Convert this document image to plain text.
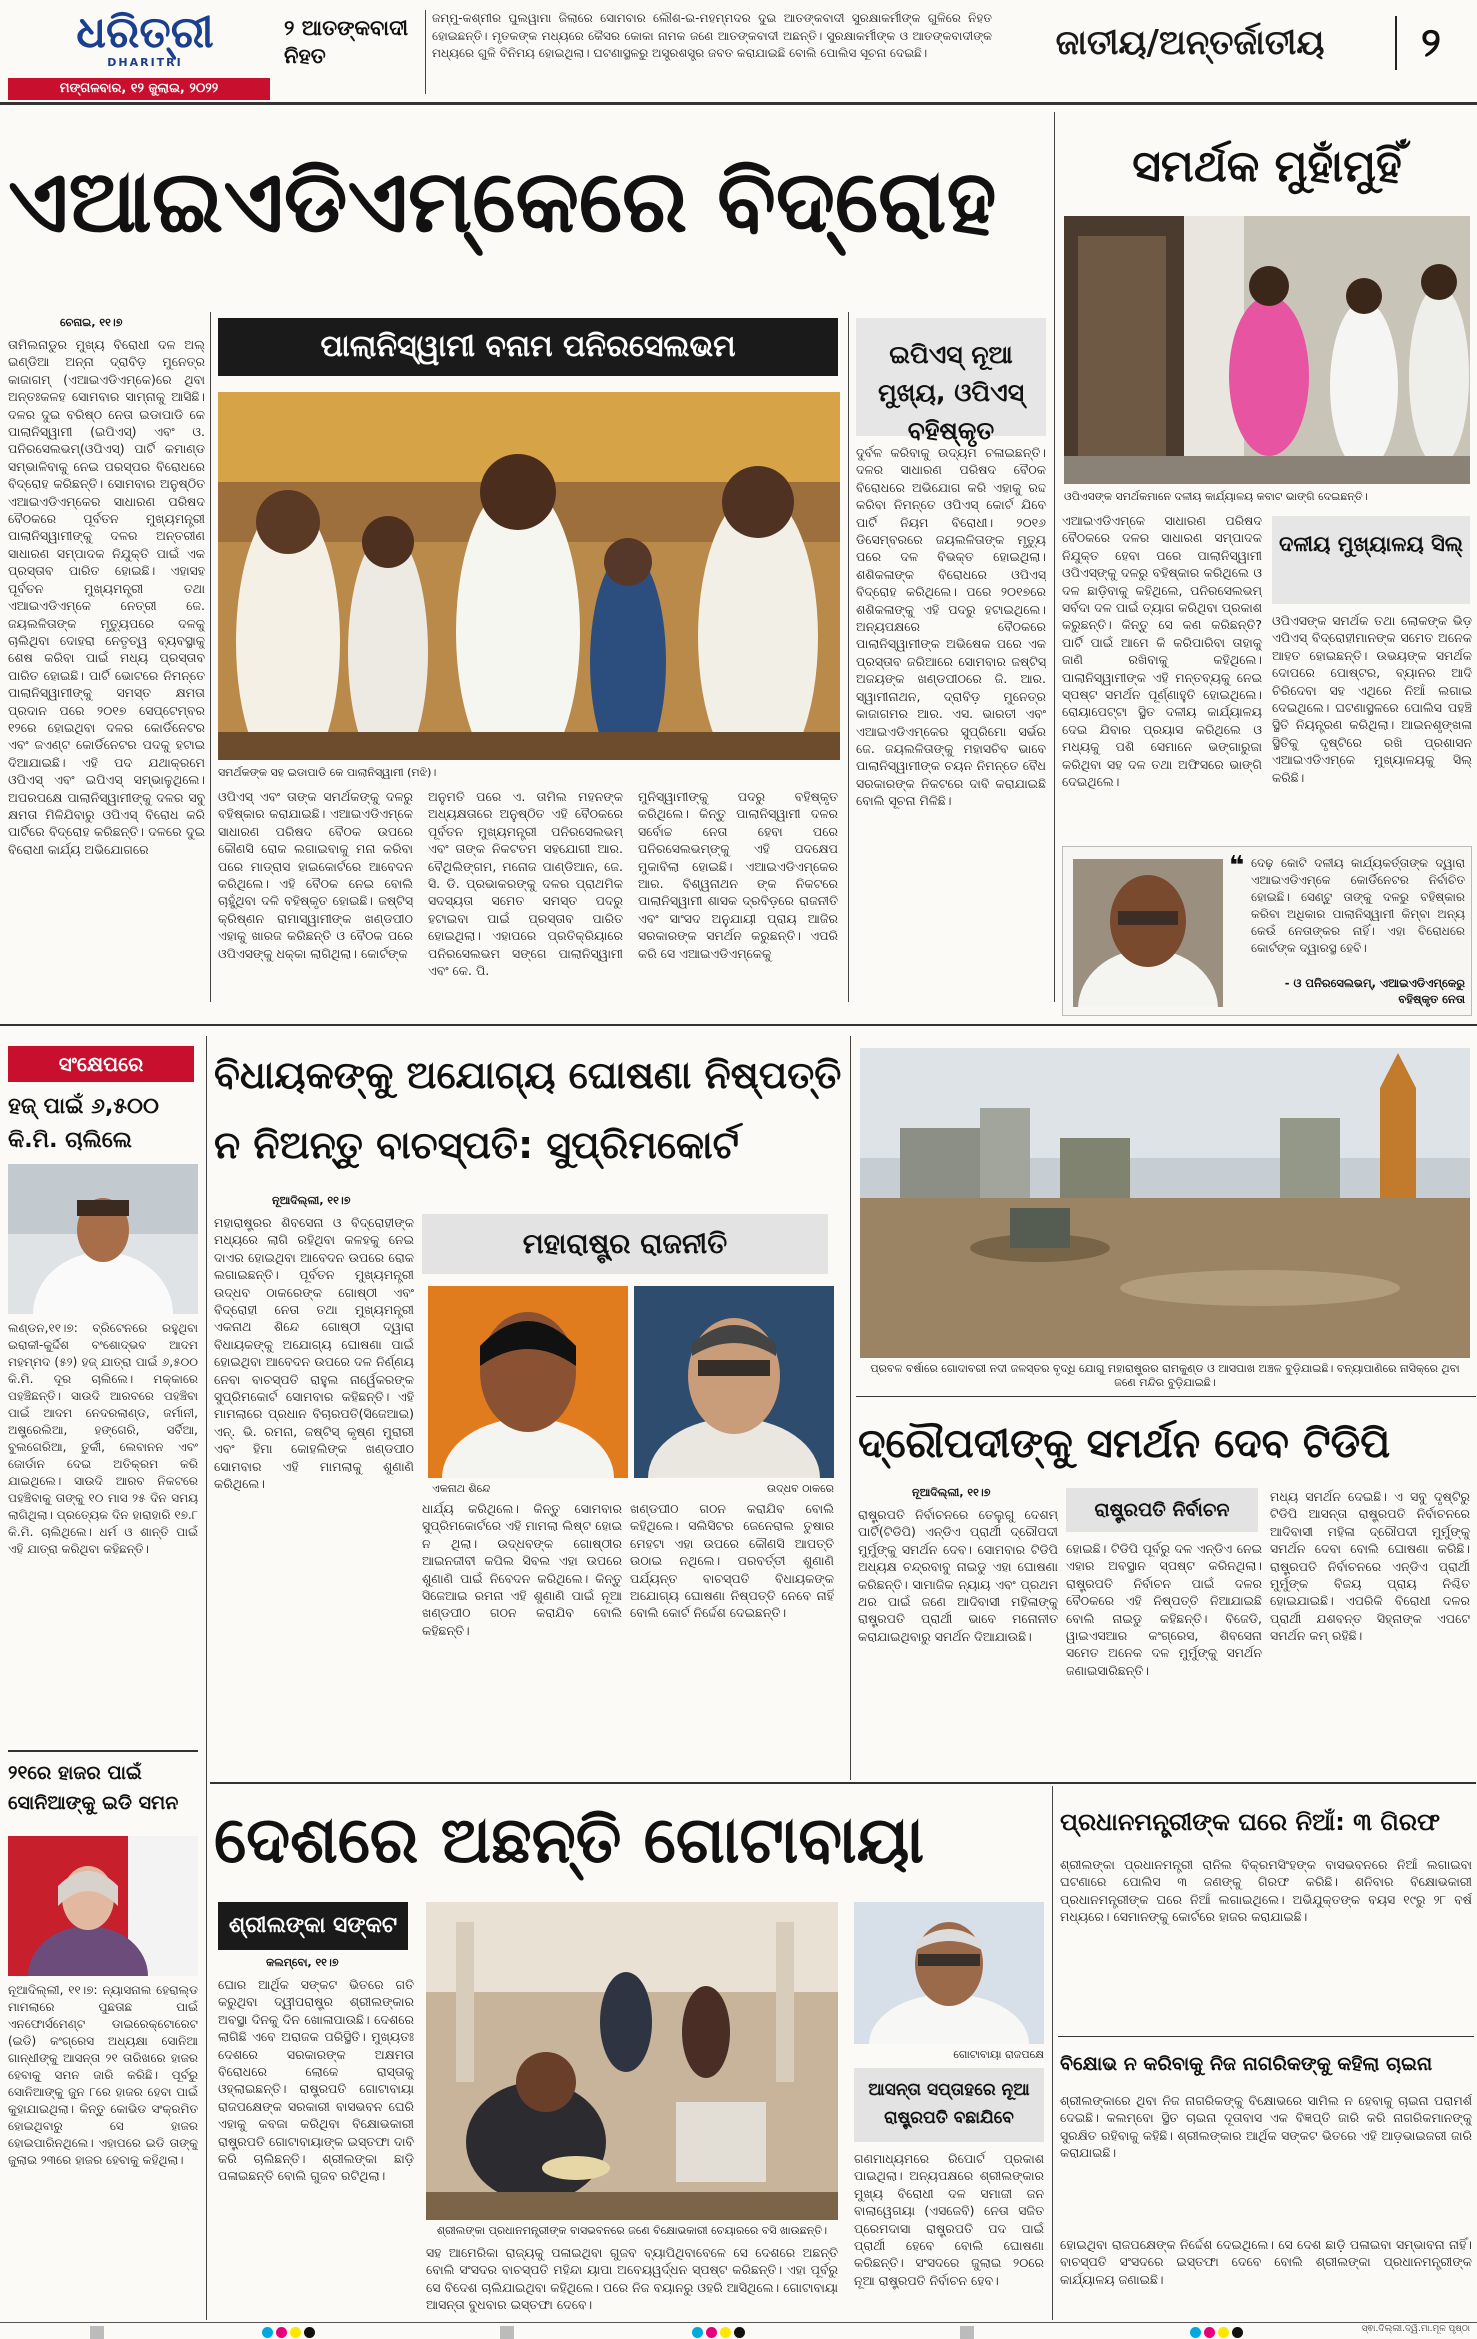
ଧରିତ୍ରୀ
DHARITRI
ମଙ୍ଗଳବାର, ୧୨ ଜୁଲାଇ, ୨୦୨୨
୨ ଆତଙ୍କବାଦୀ ନିହତ
ଜମ୍ମୁ-କଶ୍ମୀର ପୁଲୱାମା ଜିଲାରେ ସୋମବାର ଲୌଶ-ଇ-ମହମ୍ମଦର ଦୁଇ ଆତଙ୍କବାଦୀ ସୁରକ୍ଷାକର୍ମୀଙ୍କ ଗୁଳିରେ ନିହତ ହୋଇଛନ୍ତି। ମୃତକଙ୍କ ମଧ୍ୟରେ କୈସର କୋକା ନାମକ ଜଣେ ଆତଙ୍କବାଦୀ ଅଛନ୍ତି। ସୁରକ୍ଷାକର୍ମୀଙ୍କ ଓ ଆତଙ୍କବାଦୀଙ୍କ ମଧ୍ୟରେ ଗୁଳି ବିନିମୟ ହୋଇଥିଲା। ଘଟଣାସ୍ଥଳରୁ ଅସ୍ତ୍ରଶସ୍ତ୍ର ଜବତ କରାଯାଇଛି ବୋଲି ପୋଲିସ ସୂଚନା ଦେଇଛି।	ଜାତୀୟ/ଅନ୍ତର୍ଜାତୀୟ	୨
ଏଆଇଏଡିଏମ୍‌କେରେ ବିଦ୍ରୋହ
ଚେନାଇ, ୧୧।୭
ତାମିଲନାଡୁର ମୁଖ୍ୟ ବିରୋଧୀ ଦଳ ଅଲ୍ ଇଣ୍ଡିଆ ଅନ୍ନା ଦ୍ରାବିଡ଼ ମୁନେତ୍ର କାଜାଗମ୍ (ଏଆଇଏଡିଏମ୍‌କେ)ରେ ଥିବା ଅନ୍ତଃକଳହ ସୋମବାର ସାମ୍ନାକୁ ଆସିଛି। ଦଳର ଦୁଇ ବରିଷ୍ଠ ନେତା ଇଡାପାଡି କେ ପାଲାନିସ୍ୱାମୀ (ଇପିଏସ୍) ଏବଂ ଓ. ପନିରସେଲଭମ୍(ଓପିଏସ୍) ପାର୍ଟି କମାଣ୍ଡ ସମ୍ଭାଳିବାକୁ ନେଇ ପରସ୍ପର ବିରୋଧରେ ବିଦ୍ରୋହ କରିଛନ୍ତି। ସୋମବାର ଅନୁଷ୍ଠିତ ଏଆଇଏଡିଏମ୍‌କେର ସାଧାରଣ ପରିଷଦ ବୈଠକରେ ପୂର୍ବତନ ମୁଖ୍ୟମନ୍ତ୍ରୀ ପାଲାନିସ୍ୱାମୀଙ୍କୁ ଦଳର ଅନ୍ତରୀଣ ସାଧାରଣ ସମ୍ପାଦକ ନିଯୁକ୍ତି ପାଇଁ ଏକ ପ୍ରସ୍ତାବ ପାରିତ ହୋଇଛି। ଏହାସହ ପୂର୍ବତନ ମୁଖ୍ୟମନ୍ତ୍ରୀ ତଥା ଏଆଇଏଡିଏମ୍‌କେ ନେତ୍ରୀ ଜେ. ଜୟଲଳିତାଙ୍କ ମୃତ୍ୟୁପରେ ଦଳକୁ ଚାଲିଥିବା ଦୋହରା ନେତୃତ୍ୱ ବ୍ୟବସ୍ଥାକୁ ଶେଷ କରିବା ପାଇଁ ମଧ୍ୟ ପ୍ରସ୍ତାବ ପାରିତ ହୋଇଛି। ପାର୍ଟି ଭୋଟରେ ନିମନ୍ତେ ପାଲାନିସ୍ୱାମୀଙ୍କୁ ସମସ୍ତ କ୍ଷମତା ପ୍ରଦାନ ପରେ ୨୦୧୭ ସେପ୍ଟେମ୍ବର ୧୨ରେ ହୋଇଥିବା ଦଳର କୋର୍ଡିନେଟର ଏବଂ ଜଏଣ୍ଟ କୋର୍ଡିନେଟର ପଦକୁ ହଟାଇ ଦିଆଯାଇଛି। ଏହି ପଦ ଯଥାକ୍ରମେ ଓପିଏସ୍ ଏବଂ ଇପିଏସ୍ ସମ୍ଭାଳୁଥିଲେ। ଅପରପକ୍ଷେ ପାଲାନିସ୍ୱାମୀଙ୍କୁ ଦଳର ସବୁ କ୍ଷମତା ମିଳିଯିବାରୁ ଓପିଏସ୍ ବିରୋଧ କରି ପାର୍ଟିରେ ବିଦ୍ରୋହ କରିଛନ୍ତି। ଦଳରେ ଦୁଇ ବିରୋଧୀ କାର୍ଯ୍ୟ ଅଭିଯୋଗରେ
ପାଲାନିସ୍ୱାମୀ ବନାମ ପନିରସେଲଭମ
ସମର୍ଥକଙ୍କ ସହ ଇଡାପାଡି କେ ପାଲାନିସ୍ୱାମୀ (ମଝି)।
ଓପିଏସ୍ ଏବଂ ତାଙ୍କ ସମର୍ଥକଙ୍କୁ ଦଳରୁ ବହିଷ୍କାର କରାଯାଇଛି। ଏଆଇଏଡିଏମ୍‌କେ ସାଧାରଣ ପରିଷଦ ବୈଠକ ଉପରେ କୌଣସି ରୋକ ଲଗାଇବାକୁ ମନା କରିବା ପରେ ମାଡ୍ରାସ ହାଇକୋର୍ଟରେ ଆବେଦନ କରିଥିଲେ। ଏହି ବୈଠକ ନେଇ ବୋଲି ଚାହୁଁଥିବା ଦଳି ବହିଷ୍କୃତ ହୋଇଛି। ଜଷ୍ଟିସ୍ କ୍ରିଷ୍ଣନ ରାମାସ୍ୱାମୀଙ୍କ ଖଣ୍ଡପୀଠ ଏହାକୁ ଖାରଜ କରିଛନ୍ତି ଓ ବୈଠକ ପରେ ଓପିଏସଙ୍କୁ ଧକ୍କା ଲାଗିଥିଲା। କୋର୍ଟଙ୍କ
ଅନୁମତି ପରେ ଏ. ତାମିଲ ମହନଙ୍କ ଅଧ୍ୟକ୍ଷତାରେ ଅନୁଷ୍ଠିତ ଏହି ବୈଠକରେ ପୂର୍ବତନ ମୁଖ୍ୟମନ୍ତ୍ରୀ ପନିରସେଲଭମ୍ ଏବଂ ତାଙ୍କ ନିକଟତମ ସହଯୋଗୀ ଆର. ବୈଥିଲିଙ୍ଗମ, ମନୋଜ ପାଣ୍ଡିଆନ, ଜେ. ସି. ଡି. ପ୍ରଭାକରଙ୍କୁ ଦଳର ପ୍ରାଥମିକ ସଦସ୍ୟତା ସମେତ ସମସ୍ତ ପଦରୁ ହଟାଇବା ପାଇଁ ପ୍ରସ୍ତାବ ପାରିତ ହୋଇଥିଲା। ଏହାପରେ ପ୍ରତିକ୍ରିୟାରେ ପନିରସେଲଭମ ସଙ୍ଗେ ପାଲାନିସ୍ୱାମୀ ଏବଂ କେ. ପି.
ମୁନିସ୍ୱାମୀଙ୍କୁ ପଦରୁ ବହିଷ୍କୃତ କରିଥିଲେ। କିନ୍ତୁ ପାଲାନିସ୍ୱାମୀ ଦଳର ସର୍ବୋଚ୍ଚ ନେତା ହେବା ପରେ ପନିରସେଲଭମ୍‌ଙ୍କୁ ଏହି ପଦକ୍ଷେପ ମୁକାବିଲା ହୋଇଛି। ଏଆଇଏଡିଏମ୍‌କେର ଆର. ବିଶ୍ୱନାଥନ ଙ୍କ ନିକଟରେ ପାଲାନିସ୍ୱାମୀ ଶାସକ ଦ୍ରବିଡ଼ରେ ରାଜନୀତି ଏବଂ ସାଂସଦ ଅନୁଯାୟୀ ପ୍ରାୟ ଆଜିର ସରକାରଙ୍କ ସମର୍ଥନ କରୁଛନ୍ତି। ଏପରି କରି ସେ ଏଆଇଏଡିଏମ୍‌କେକୁ
ଇପିଏସ୍ ନୂଆ ମୁଖ୍ୟ, ଓପିଏସ୍ ବହିଷ୍କୃତ
ଦୁର୍ବଳ କରିବାକୁ ଉଦ୍ୟମ ଚଳାଇଛନ୍ତି। ଦଳର ସାଧାରଣ ପରିଷଦ ବୈଠକ ବିରୋଧରେ ଅଭିଯୋଗ କରି ଏହାକୁ ରଦ୍ଦ କରିବା ନିମନ୍ତେ ଓପିଏସ୍ କୋର୍ଟ ଯିବେ ପାର୍ଟି ନିୟମ ବିରୋଧୀ। ୨୦୧୬ ଡିସେମ୍ବରରେ ଜୟଲଳିତାଙ୍କ ମୃତ୍ୟୁ ପରେ ଦଳ ବିଭକ୍ତ ହୋଇଥିଲା। ଶଶିକଳାଙ୍କ ବିରୋଧରେ ଓପିଏସ୍ ବିଦ୍ରୋହ କରିଥିଲେ। ପରେ ୨୦୧୭ରେ ଶଶିକଳାଙ୍କୁ ଏହି ପଦରୁ ହଟାଇଥିଲେ। ଅନ୍ୟପକ୍ଷରେ ବୈଠକରେ ପାଲାନିସ୍ୱାମୀଙ୍କ ଅଭିଷେକ ପରେ ଏକ ପ୍ରସ୍ତାବ ଜରିଆରେ ସୋମବାର ଜଷ୍ଟିସ୍ ଅଜୟଙ୍କ ଖଣ୍ଡପୀଠରେ ଜି. ଆର. ସ୍ୱାମୀନାଥନ, ଦ୍ରାବିଡ଼ ମୁନେତ୍ର କାଜାଗମର ଆର. ଏସ. ଭାରତୀ ଏବଂ ଏଆଇଏଡିଏମ୍‌କେର ସୁପ୍ରିମୋ ସର୍ଭର ଜେ. ଜୟଲଳିତାଙ୍କୁ ମହାସଚିବ ଭାବେ ପାଲାନିସ୍ୱାମୀଙ୍କ ଚୟନ ନିମନ୍ତେ ବୈଧ ସରକାରଙ୍କ ନିକଟରେ ଦାବି କରାଯାଇଛି ବୋଲି ସୂଚନା ମିଳିଛି।
ସମର୍ଥକ ମୁହାଁମୁହିଁ
ଓପିଏସଙ୍କ ସମର୍ଥକମାନେ ଦଳୀୟ କାର୍ଯ୍ୟାଳୟ କବାଟ ଭାଙ୍ଗି ଦେଇଛନ୍ତି।
ଏଆଇଏଡିଏମ୍‌କେ ସାଧାରଣ ପରିଷଦ ବୈଠକରେ ଦଳର ସାଧାରଣ ସମ୍ପାଦକ ନିଯୁକ୍ତ ହେବା ପରେ ପାଲାନିସ୍ୱାମୀ ଓପିଏସ୍‌ଙ୍କୁ ଦଳରୁ ବହିଷ୍କାର କରିଥିଲେ ଓ ଦଳ ଛାଡ଼ିବାକୁ କହିଥିଲେ, ପନିରସେଲଭମ୍ ସର୍ବଦା ଦଳ ପାଇଁ ତ୍ୟାଗ କରିଥିବା ପ୍ରକାଶ କରୁଛନ୍ତି। କିନ୍ତୁ ସେ କଣ କରିଛନ୍ତି? ପାର୍ଟି ପାଇଁ ଆମେ କି କରିପାରିବା ତାହାକୁ ଜାଣି ରଖିବାକୁ କହିଥିଲେ। ପାଲାନିସ୍ୱାମୀଙ୍କ ଏହି ମନ୍ତବ୍ୟକୁ ନେଇ ସ୍ପଷ୍ଟ ସମର୍ଥନ ପୂର୍ଣ୍ଣାହୁତି ହୋଇଥିଲେ। ରୋୟାପେଟ୍ଟା ସ୍ଥିତ ଦଳୀୟ କାର୍ଯ୍ୟାଳୟ ଦେଇ ଯିବାର ପ୍ରୟାସ କରିଥିଲେ ଓ ମଧ୍ୟକୁ ପଶି ସେମାନେ ଭଙ୍ଗାରୁଜା କରିଥିବା ସହ ଦଳ ତଥା ଅଫିସରେ ଭାଙ୍ଗି ଦେଇଥିଲେ।
ଦଳୀୟ ମୁଖ୍ୟାଳୟ ସିଲ୍
ଓପିଏସଙ୍କ ସମର୍ଥକ ତଥା ଲୋକଙ୍କ ଭିଡ଼ ଏପିଏସ୍ ବିଦ୍ରୋହୀମାନଙ୍କ ସମେତ ଅନେକ ଆହତ ହୋଇଛନ୍ତି। ଉଭୟଙ୍କ ସମର୍ଥକ ଦୋପରେ ପୋଷ୍ଟର, ବ୍ୟାନର ଆଦି ଚିରିଦେବା ସହ ଏଥିରେ ନିଆଁ ଲଗାଇ ଦେଇଥିଲେ। ଘଟଣାସ୍ଥଳରେ ପୋଲିସ ପହଞ୍ଚି ସ୍ଥିତି ନିୟନ୍ତ୍ରଣ କରିଥିଲା। ଆଇନଶୃଙ୍ଖଳା ସ୍ଥିତିକୁ ଦୃଷ୍ଟିରେ ରଖି ପ୍ରଶାସନ ଏଆଇଏଡିଏମ୍‌କେ ମୁଖ୍ୟାଳୟକୁ ସିଲ୍ କରିଛି।
❝ ଦେଢ଼ କୋଟି ଦଳୀୟ କାର୍ଯ୍ୟକର୍ତ୍ତାଙ୍କ ଦ୍ୱାରା ଏଆଇଏଡିଏମ୍‌କେ କୋର୍ଡିନେଟର ନିର୍ବାଚିତ ହୋଇଛି। ସେଣ୍ଟୁ ତାଙ୍କୁ ଦଳରୁ ବହିଷ୍କାର କରିବା ଅଧିକାର ପାଲାନିସ୍ୱାମୀ କିମ୍ବା ଅନ୍ୟ କେଉଁ ନେତାଙ୍କର ନାହିଁ। ଏହା ବିରୋଧରେ କୋର୍ଟଙ୍କ ଦ୍ୱାରସ୍ଥ ହେବି।
- ଓ ପନିରସେଲଭମ୍, ଏଆଇଏଡିଏମ୍‌କେରୁ ବହିଷ୍କୃତ ନେତା
ସଂକ୍ଷେପରେ
ହଜ୍ ପାଇଁ ୬,୫୦୦ କି.ମି. ଚାଲିଲେ
ଲଣ୍ଡନ,୧୧।୭: ବ୍ରିଟେନରେ ରହୁଥିବା ଇରାକୀ-କୁର୍ଦ୍ଦିଶ ବଂଶୋଦ୍ଭବ ଆଦମ ମହମ୍ମଦ (୫୨) ହଜ୍ ଯାତ୍ରା ପାଇଁ ୬,୫୦୦ କି.ମି. ଦୂର ଚାଲିଲେ। ମକ୍କାରେ ପହଞ୍ଚିଛନ୍ତି। ସାଉଦି ଆରବରେ ପହଞ୍ଚିବା ପାଇଁ ଆଦମ ନେଦରଲାଣ୍ଡ, ଜର୍ମାନୀ, ଅଷ୍ଟ୍ରେଲିଆ, ହଙ୍ଗେରି, ସର୍ବିଆ, ବୁଲଗେରିଆ, ତୁର୍କୀ, ଲେବାନନ ଏବଂ ଜୋର୍ଡାନ ଦେଇ ଅତିକ୍ରମ କରି ଯାଇଥିଲେ। ସାଉଦି ଆରବ ନିକଟରେ ପହଞ୍ଚିବାକୁ ତାଙ୍କୁ ୧୦ ମାସ ୨୫ ଦିନ ସମୟ ଲାଗିଥିଲା। ପ୍ରତ୍ୟେକ ଦିନ ହାରାହାରି ୧୭.୮ କି.ମି. ଚାଲିଥିଲେ। ଧର୍ମ ଓ ଶାନ୍ତି ପାଇଁ ଏହି ଯାତ୍ରା କରିଥିବା କହିଛନ୍ତି।
୨୧ରେ ହାଜର ପାଇଁ ସୋନିଆଙ୍କୁ ଇଡି ସମନ
ନୂଆଦିଲ୍ଲୀ, ୧୧।୭: ନ୍ୟାସନାଲ ହେରାଲ୍ଡ ମାମଲାରେ ପୁଛତାଛ ପାଇଁ ଏନଫୋର୍ସମେଣ୍ଟ ଡାଇରେକ୍ଟୋରେଟ (ଇଡି) କଂଗ୍ରେସ ଅଧ୍ୟକ୍ଷା ସୋନିଆ ଗାନ୍ଧୀଙ୍କୁ ଆସନ୍ତା ୨୧ ତାରିଖରେ ହାଜର ହେବାକୁ ସମନ ଜାରି କରିଛି। ପୂର୍ବରୁ ସୋନିଆଙ୍କୁ ଜୁନ ୮ରେ ହାଜର ହେବା ପାଇଁ କୁହାଯାଇଥିଲା। କିନ୍ତୁ କୋଭିଡ ସଂକ୍ରମିତ ହୋଇଥିବାରୁ ସେ ହାଜର ହୋଇପାରିନଥିଲେ। ଏହାପରେ ଇଡି ତାଙ୍କୁ ଜୁଲାଇ ୨୩ରେ ହାଜର ହେବାକୁ କହିଥିଲା।
ବିଧାୟକଙ୍କୁ ଅଯୋଗ୍ୟ ଘୋଷଣା ନିଷ୍ପତ୍ତି
ନ ନିଅନ୍ତୁ ବାଚସ୍ପତି: ସୁପ୍ରିମକୋର୍ଟ
ନୂଆଦିଲ୍ଲୀ, ୧୧।୭
ମହାରାଷ୍ଟ୍ରର ଶିବସେନା ଓ ବିଦ୍ରୋହୀଙ୍କ ମଧ୍ୟରେ ଲାଗି ରହିଥିବା କଳହକୁ ନେଇ ଦାଏର ହୋଇଥିବା ଆବେଦନ ଉପରେ ରୋକ ଲଗାଇଛନ୍ତି। ପୂର୍ବତନ ମୁଖ୍ୟମନ୍ତ୍ରୀ ଉଦ୍ଧବ ଠାକରେଙ୍କ ଗୋଷ୍ଠୀ ଏବଂ ବିଦ୍ରୋହୀ ନେତା ତଥା ମୁଖ୍ୟମନ୍ତ୍ରୀ ଏକନାଥ ଶିନ୍ଦେ ଗୋଷ୍ଠୀ ଦ୍ୱାରା ବିଧାୟକଙ୍କୁ ଅଯୋଗ୍ୟ ଘୋଷଣା ପାଇଁ ହୋଇଥିବା ଆବେଦନ ଉପରେ ଦଳ ନିର୍ଣ୍ଣୟ ନେବା ବାଚସ୍ପତି ରାହୁଲ ନାର୍ୱେକରଙ୍କ ସୁପ୍ରିମକୋର୍ଟ ସୋମବାର କହିଛନ୍ତି। ଏହି ମାମଲାରେ ପ୍ରଧାନ ବିଚାରପତି(ସିଜେଆଇ) ଏନ୍. ଭି. ରମନା, ଜଷ୍ଟିସ୍ କୃଷ୍ଣ ମୁରାରୀ ଏବଂ ହିମା କୋହଲିଙ୍କ ଖଣ୍ଡପୀଠ ସୋମବାର ଏହି ମାମଲାକୁ ଶୁଣାଣି କରିଥିଲେ।
ମହାରାଷ୍ଟ୍ର ରାଜନୀତି
ଏକନାଥ ଶିନ୍ଦେ	ଉଦ୍ଧବ ଠାକରେ
ଧାର୍ଯ୍ୟ କରିଥିଲେ। କିନ୍ତୁ ସୋମବାର ସୁପ୍ରିମକୋର୍ଟରେ ଏହି ମାମଲା ଲିଷ୍ଟ ହୋଇ ନ ଥିଲା। ଉଦ୍ଧବଙ୍କ ଗୋଷ୍ଠୀର ଆଇନଜୀବୀ କପିଲ ସିବଲ ଏହା ଉପରେ ଶୁଣାଣି ପାଇଁ ନିବେଦନ କରିଥିଲେ। କିନ୍ତୁ ସିଜେଆଇ ରମନା ଏହି ଶୁଣାଣି ପାଇଁ ନୂଆ ଖଣ୍ଡପୀଠ ଗଠନ କରାଯିବ ବୋଲି କହିଛନ୍ତି।
ଖଣ୍ଡପୀଠ ଗଠନ କରାଯିବ ବୋଲି କହିଥିଲେ। ସଲିସିଟର ଜେନେରାଲ ତୁଷାର ମେହଟା ଏହା ଉପରେ କୌଣସି ଆପତ୍ତି ଉଠାଇ ନଥିଲେ। ପରବର୍ତ୍ତୀ ଶୁଣାଣି ପର୍ଯ୍ୟନ୍ତ ବାଚସ୍ପତି ବିଧାୟକଙ୍କ ଅଯୋଗ୍ୟ ଘୋଷଣା ନିଷ୍ପତ୍ତି ନେବେ ନାହିଁ ବୋଲି କୋର୍ଟ ନିର୍ଦ୍ଦେଶ ଦେଇଛନ୍ତି।
ପ୍ରବଳ ବର୍ଷାରେ ଗୋଦାବରୀ ନଦୀ ଜଳସ୍ତର ବୃଦ୍ଧି ଯୋଗୁ ମହାରାଷ୍ଟ୍ରର ରାମକୁଣ୍ଡ ଓ ଆସପାଖ ଅଞ୍ଚଳ ବୁଡ଼ିଯାଇଛି। ବନ୍ୟାପାଣିରେ ନାସିକ୍‌ରେ ଥିବା ଜଣେ ମନ୍ଦିର ବୁଡ଼ିଯାଇଛି।
ଦ୍ରୌପଦୀଙ୍କୁ ସମର୍ଥନ ଦେବ ଟିଡିପି
ନୂଆଦିଲ୍ଲୀ, ୧୧।୭
ରାଷ୍ଟ୍ରପତି ନିର୍ବାଚନରେ ତେଲୁଗୁ ଦେଶମ୍ ପାର୍ଟି(ଟିଡିପି) ଏନ୍‌ଡିଏ ପ୍ରାର୍ଥୀ ଦ୍ରୌପଦୀ ମୁର୍ମୁଙ୍କୁ ସମର୍ଥନ ଦେବ। ସୋମବାର ଟିଡିପି ଅଧ୍ୟକ୍ଷ ଚନ୍ଦ୍ରବାବୁ ନାଇଡୁ ଏହା ଘୋଷଣା କରିଛନ୍ତି। ସାମାଜିକ ନ୍ୟାୟ ଏବଂ ପ୍ରଥମ ଥର ପାଇଁ ଜଣେ ଆଦିବାସୀ ମହିଳାଙ୍କୁ ରାଷ୍ଟ୍ରପତି ପ୍ରାର୍ଥୀ ଭାବେ ମନୋନୀତ କରାଯାଇଥିବାରୁ ସମର୍ଥନ ଦିଆଯାଉଛି।
ରାଷ୍ଟ୍ରପତି ନିର୍ବାଚନ
ହୋଇଛି। ଟିଡିପି ପୂର୍ବରୁ ଦଳ ଏନ୍‌ଡିଏ ନେଇ ଏହାର ଅବସ୍ଥାନ ସ୍ପଷ୍ଟ କରିନଥିଲା। ରାଷ୍ଟ୍ରପତି ନିର୍ବାଚନ ପାଇଁ ଦଳର ବୈଠକରେ ଏହି ନିଷ୍ପତ୍ତି ନିଆଯାଇଛି ବୋଲି ନାଇଡୁ କହିଛନ୍ତି। ବିଜେଡି, ୱାଇଏସଆର କଂଗ୍ରେସ, ଶିବସେନା ସମେତ ଅନେକ ଦଳ ମୁର୍ମୁଙ୍କୁ ସମର୍ଥନ ଜଣାଇସାରିଛନ୍ତି।
ମଧ୍ୟ ସମର୍ଥନ ଦେଇଛି। ଏ ସବୁ ଦୃଷ୍ଟିରୁ ଟିଡିପି ଆସନ୍ତା ରାଷ୍ଟ୍ରପତି ନିର୍ବାଚନରେ ଆଦିବାସୀ ମହିଳା ଦ୍ରୌପଦୀ ମୁର୍ମୁଙ୍କୁ ସମର୍ଥନ ଦେବା ବୋଲି ଘୋଷଣା କରିଛି। ରାଷ୍ଟ୍ରପତି ନିର୍ବାଚନରେ ଏନ୍‌ଡିଏ ପ୍ରାର୍ଥୀ ମୁର୍ମୁଙ୍କ ବିଜୟ ପ୍ରାୟ ନିଶ୍ଚିତ ହୋଇଯାଇଛି। ଏପରିକି ବିରୋଧୀ ଦଳର ପ୍ରାର୍ଥୀ ଯଶବନ୍ତ ସିହ୍ନାଙ୍କ ଏପଟେ ସମର୍ଥନ କମ୍ ରହିଛି।
ଦେଶରେ ଅଛନ୍ତି ଗୋଟାବାୟା
ଶ୍ରୀଲଙ୍କା ସଙ୍କଟ
କଲମ୍ବୋ, ୧୧।୭
ଘୋର ଆର୍ଥିକ ସଙ୍କଟ ଭିତରେ ଗତି କରୁଥିବା ଦ୍ୱୀପରାଷ୍ଟ୍ର ଶ୍ରୀଲଙ୍କାର ଅବସ୍ଥା ଦିନକୁ ଦିନ ଖୋଳାପାଉଛି। ଦେଶରେ ଲାଗିଛି ଏବେ ଅରାଜକ ପରିସ୍ଥିତି। ମୁଖ୍ୟତଃ ଦେଶରେ ସରକାରଙ୍କ ଅକ୍ଷମତା ବିରୋଧରେ ଲୋକେ ରାସ୍ତାକୁ ଓହ୍ଲାଇଛନ୍ତି। ରାଷ୍ଟ୍ରପତି ଗୋଟାବାୟା ରାଜପକ୍ଷେଙ୍କ ସରକାରୀ ବାସଭବନ ଘେରି ଏହାକୁ କବଜା କରିଥିବା ବିକ୍ଷୋଭକାରୀ ରାଷ୍ଟ୍ରପତି ଗୋଟାବାୟାଙ୍କ ଇସ୍ତଫା ଦାବି କରି ଚାଲିଛନ୍ତି। ଶ୍ରୀଲଙ୍କା ଛାଡ଼ି ପଳାଇଛନ୍ତି ବୋଲି ଗୁଜବ ରଟିଥିଲା।
ଶ୍ରୀଲଙ୍କା ପ୍ରଧାନମନ୍ତ୍ରୀଙ୍କ ବାସଭବନରେ ଜଣେ ବିକ୍ଷୋଭକାରୀ ଚେୟାରରେ ବସି ଖାଉଛନ୍ତି।
ସହ ଆମେରିକା ରାଜ୍ୟକୁ ପଳାଇଥିବା ଗୁଜବ ବ୍ୟାପିଥିବାବେଳେ ସେ ଦେଶରେ ଅଛନ୍ତି ବୋଲି ସଂସଦର ବାଚସ୍ପତି ମହିନ୍ଦା ୟାପା ଅବେୟୱର୍ଦ୍ଧନ ସ୍ପଷ୍ଟ କରିଛନ୍ତି। ଏହା ପୂର୍ବରୁ ସେ ବିଦେଶ ଚାଲିଯାଇଥିବା କହିଥିଲେ। ପରେ ନିଜ ବୟାନରୁ ଓହରି ଆସିଥିଲେ। ଗୋଟାବାୟା ଆସନ୍ତା ବୁଧବାର ଇସ୍ତଫା ଦେବେ।
ଗୋଟାବାୟା ରାଜପକ୍ଷେ
ଆସନ୍ତା ସପ୍ତାହରେ ନୂଆ ରାଷ୍ଟ୍ରପତି ବଛାଯିବେ
ଗଣମାଧ୍ୟମରେ ରିପୋର୍ଟ ପ୍ରକାଶ ପାଇଥିଲା। ଅନ୍ୟପକ୍ଷରେ ଶ୍ରୀଲଙ୍କାର ମୁଖ୍ୟ ବିରୋଧୀ ଦଳ ସମାଜୀ ଜନ ବାଲାୱେଗୟା (ଏସଜେବି) ନେତା ସଜିତ ପ୍ରେମଦାସା ରାଷ୍ଟ୍ରପତି ପଦ ପାଇଁ ପ୍ରାର୍ଥୀ ହେବେ ବୋଲି ଘୋଷଣା କରିଛନ୍ତି। ସଂସଦରେ ଜୁଲାଇ ୨୦ରେ ନୂଆ ରାଷ୍ଟ୍ରପତି ନିର୍ବାଚନ ହେବ।
ପ୍ରଧାନମନ୍ତ୍ରୀଙ୍କ ଘରେ ନିଆଁ: ୩ ଗିରଫ
ଶ୍ରୀଲଙ୍କା ପ୍ରଧାନମନ୍ତ୍ରୀ ରାନିଲ ବିକ୍ରମସିଂହଙ୍କ ବାସଭବନରେ ନିଆଁ ଲଗାଇବା ଘଟଣାରେ ପୋଲିସ ୩ ଜଣଙ୍କୁ ଗିରଫ କରିଛି। ଶନିବାର ବିକ୍ଷୋଭକାରୀ ପ୍ରଧାନମନ୍ତ୍ରୀଙ୍କ ଘରେ ନିଆଁ ଲଗାଇଥିଲେ। ଅଭିଯୁକ୍ତଙ୍କ ବୟସ ୧୯ରୁ ୨୮ ବର୍ଷ ମଧ୍ୟରେ। ସେମାନଙ୍କୁ କୋର୍ଟରେ ହାଜର କରାଯାଇଛି।
ବିକ୍ଷୋଭ ନ କରିବାକୁ ନିଜ ନାଗରିକଙ୍କୁ କହିଲା ଚାଇନା
ଶ୍ରୀଲଙ୍କାରେ ଥିବା ନିଜ ନାଗରିକଙ୍କୁ ବିକ୍ଷୋଭରେ ସାମିଲ ନ ହେବାକୁ ଚାଇନା ପରାମର୍ଶ ଦେଇଛି। କଲମ୍ବୋ ସ୍ଥିତ ଚାଇନା ଦୂତାବାସ ଏକ ବିଜ୍ଞପ୍ତି ଜାରି କରି ନାଗରିକମାନଙ୍କୁ ସୁରକ୍ଷିତ ରହିବାକୁ କହିଛି। ଶ୍ରୀଲଙ୍କାର ଆର୍ଥିକ ସଙ୍କଟ ଭିତରେ ଏହି ଆଡ଼ଭାଇଜରୀ ଜାରି କରାଯାଇଛି।
ହୋଇଥିବା ରାଜପକ୍ଷେଙ୍କ ନିର୍ଦ୍ଦେଶ ଦେଇଥିଲେ। ସେ ଦେଶ ଛାଡ଼ି ପଳାଇବା ସମ୍ଭାବନା ନାହିଁ। ବାଚସ୍ପତି ସଂସଦରେ ଇସ୍ତଫା ଦେବେ ବୋଲି ଶ୍ରୀଲଙ୍କା ପ୍ରଧାନମନ୍ତ୍ରୀଙ୍କ କାର୍ଯ୍ୟାଳୟ ଜଣାଇଛି।
ସ୍ଵା.ଦିଲ୍ଲୀ.ଦ୍ୱି.ମା.ମୂଳ ପୃଷ୍ଠା
